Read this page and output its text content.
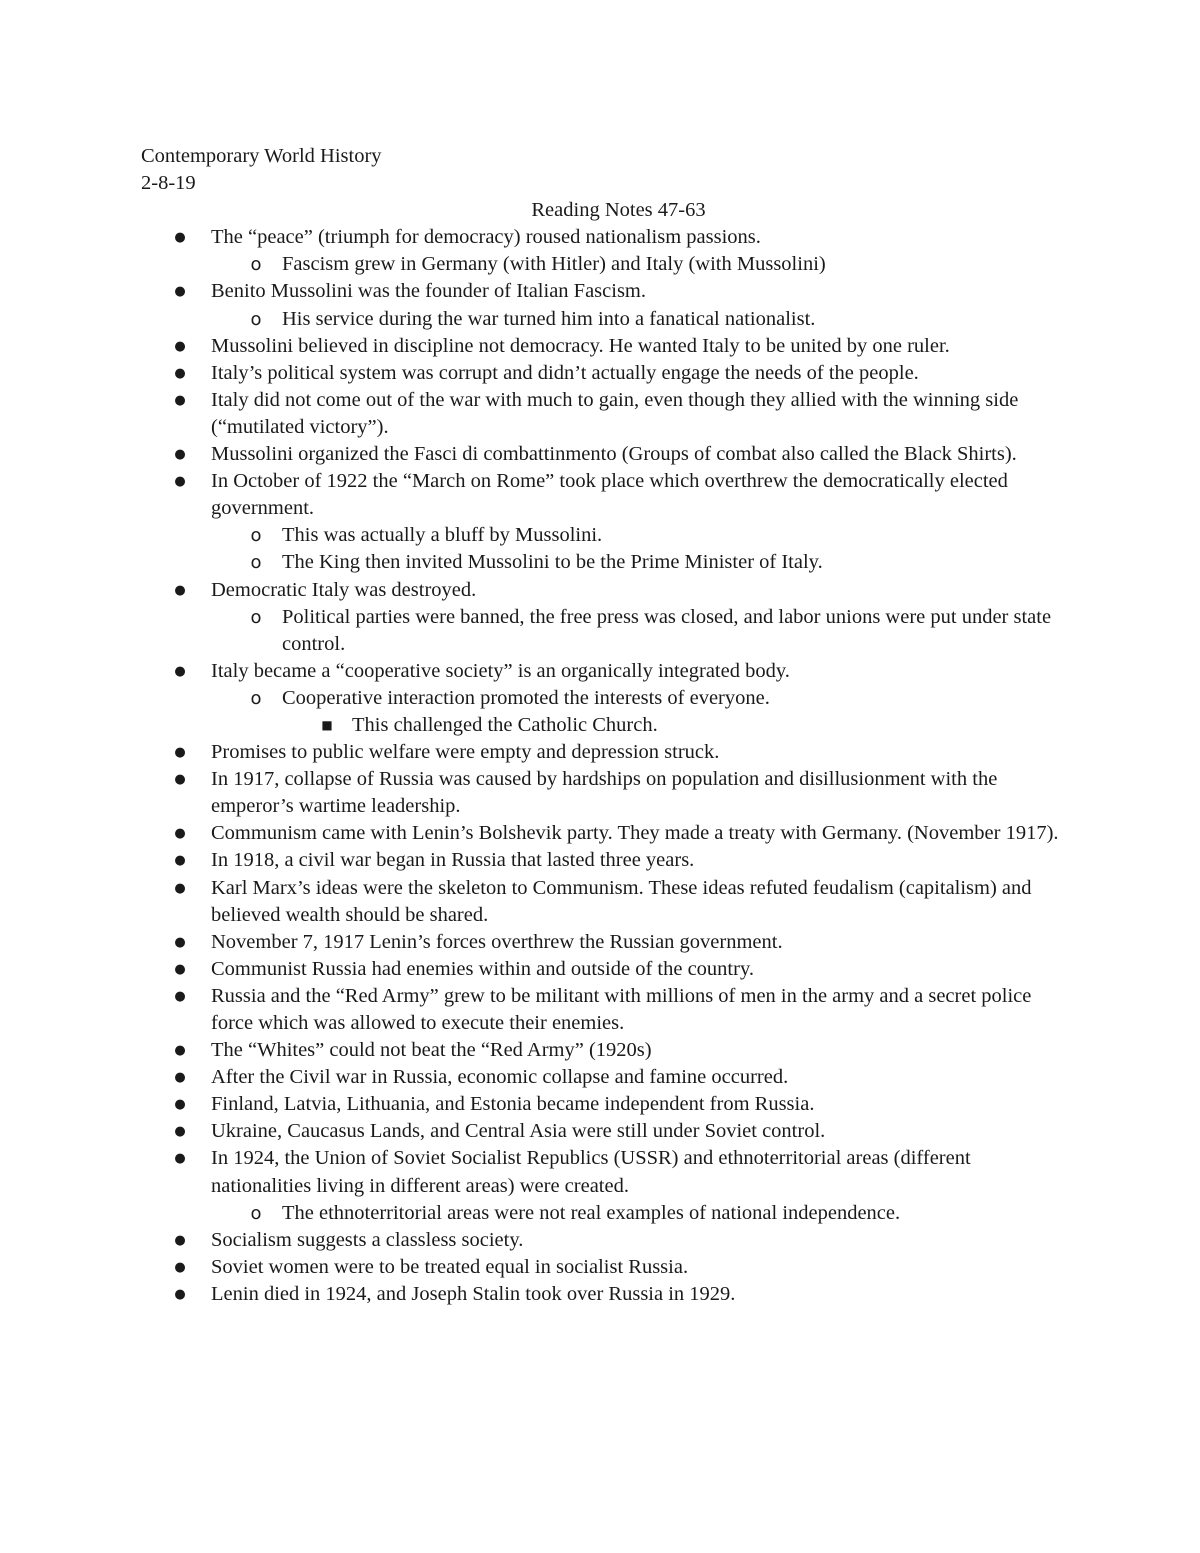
Contemporary World History
2-8-19
Reading Notes 47-63
● The “peace” (triumph for democracy) roused nationalism passions.
o Fascism grew in Germany (with Hitler) and Italy (with Mussolini)
● Benito Mussolini was the founder of Italian Fascism.
o His service during the war turned him into a fanatical nationalist.
● Mussolini believed in discipline not democracy. He wanted Italy to be united by one ruler.
● Italy’s political system was corrupt and didn’t actually engage the needs of the people.
● Italy did not come out of the war with much to gain, even though they allied with the winning side (“mutilated victory”).
● Mussolini organized the Fasci di combattinmento (Groups of combat also called the Black Shirts).
● In October of 1922 the “March on Rome” took place which overthrew the democratically elected government.
o This was actually a bluff by Mussolini.
o The King then invited Mussolini to be the Prime Minister of Italy.
● Democratic Italy was destroyed.
o Political parties were banned, the free press was closed, and labor unions were put under state control.
● Italy became a “cooperative society” is an organically integrated body.
o Cooperative interaction promoted the interests of everyone.
■ This challenged the Catholic Church.
● Promises to public welfare were empty and depression struck.
● In 1917, collapse of Russia was caused by hardships on population and disillusionment with the emperor’s wartime leadership.
● Communism came with Lenin’s Bolshevik party. They made a treaty with Germany. (November 1917).
● In 1918, a civil war began in Russia that lasted three years.
● Karl Marx’s ideas were the skeleton to Communism. These ideas refuted feudalism (capitalism) and believed wealth should be shared.
● November 7, 1917 Lenin’s forces overthrew the Russian government.
● Communist Russia had enemies within and outside of the country.
● Russia and the “Red Army” grew to be militant with millions of men in the army and a secret police force which was allowed to execute their enemies.
● The “Whites” could not beat the “Red Army” (1920s)
● After the Civil war in Russia, economic collapse and famine occurred.
● Finland, Latvia, Lithuania, and Estonia became independent from Russia.
● Ukraine, Caucasus Lands, and Central Asia were still under Soviet control.
● In 1924, the Union of Soviet Socialist Republics (USSR) and ethnoterritorial areas (different nationalities living in different areas) were created.
o The ethnoterritorial areas were not real examples of national independence.
● Socialism suggests a classless society.
● Soviet women were to be treated equal in socialist Russia.
● Lenin died in 1924, and Joseph Stalin took over Russia in 1929.
